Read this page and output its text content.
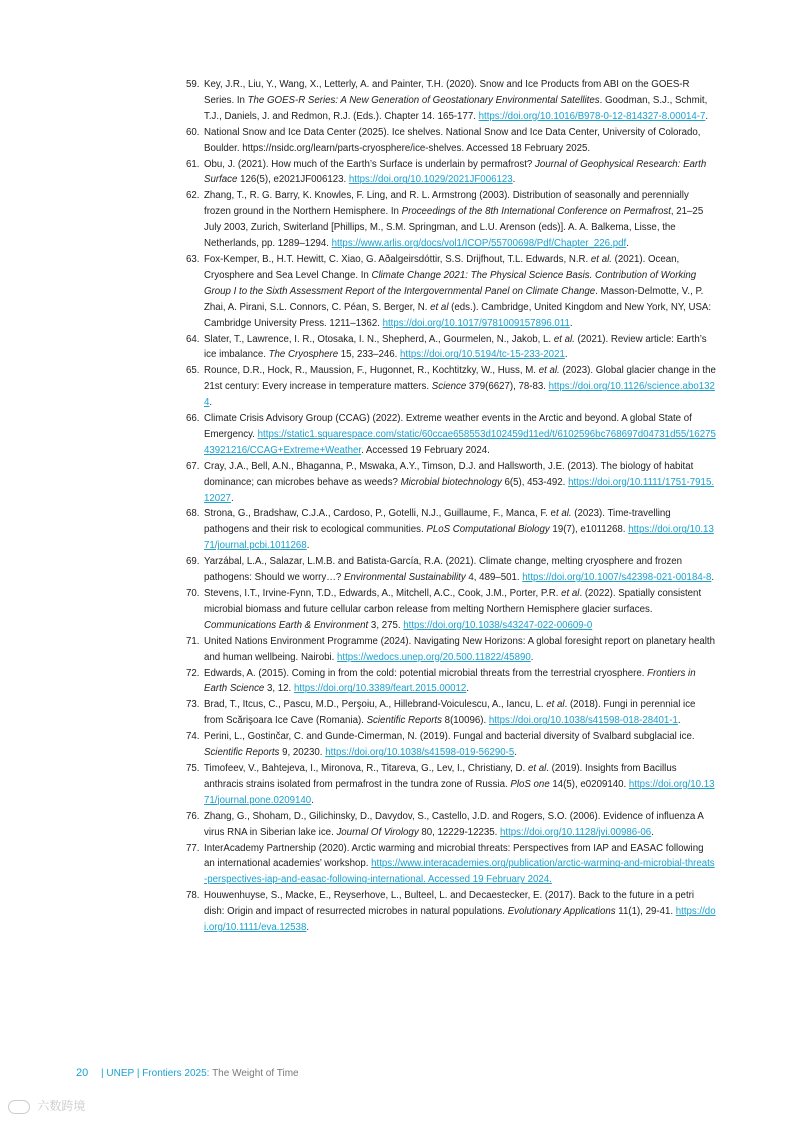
59. Key, J.R., Liu, Y., Wang, X., Letterly, A. and Painter, T.H. (2020). Snow and Ice Products from ABI on the GOES-R Series. In The GOES-R Series: A New Generation of Geostationary Environmental Satellites. Goodman, S.J., Schmit, T.J., Daniels, J. and Redmon, R.J. (Eds.). Chapter 14. 165-177. https://doi.org/10.1016/B978-0-12-814327-8.00014-7.
60. National Snow and Ice Data Center (2025). Ice shelves. National Snow and Ice Data Center, University of Colorado, Boulder. https://nsidc.org/learn/parts-cryosphere/ice-shelves. Accessed 18 February 2025.
61. Obu, J. (2021). How much of the Earth’s Surface is underlain by permafrost? Journal of Geophysical Research: Earth Surface 126(5), e2021JF006123. https://doi.org/10.1029/2021JF006123.
62. Zhang, T., R. G. Barry, K. Knowles, F. Ling, and R. L. Armstrong (2003). Distribution of seasonally and perennially frozen ground in the Northern Hemisphere. In Proceedings of the 8th International Conference on Permafrost, 21–25 July 2003, Zurich, Switerland [Phillips, M., S.M. Springman, and L.U. Arenson (eds)]. A. A. Balkema, Lisse, the Netherlands, pp. 1289–1294. https://www.arlis.org/docs/vol1/ICOP/55700698/Pdf/Chapter_226.pdf.
63. Fox-Kemper, B., H.T. Hewitt, C. Xiao, G. Aðalgeirsdóttir, S.S. Drijfhout, T.L. Edwards, N.R. et al. (2021). Ocean, Cryosphere and Sea Level Change. In Climate Change 2021: The Physical Science Basis. Contribution of Working Group I to the Sixth Assessment Report of the Intergovernmental Panel on Climate Change. Masson-Delmotte, V., P. Zhai, A. Pirani, S.L. Connors, C. Péan, S. Berger, N. et al (eds.). Cambridge, United Kingdom and New York, NY, USA: Cambridge University Press. 1211–1362. https://doi.org/10.1017/9781009157896.011.
64. Slater, T., Lawrence, I. R., Otosaka, I. N., Shepherd, A., Gourmelen, N., Jakob, L. et al. (2021). Review article: Earth’s ice imbalance. The Cryosphere 15, 233–246. https://doi.org/10.5194/tc-15-233-2021.
65. Rounce, D.R., Hock, R., Maussion, F., Hugonnet, R., Kochtitzky, W., Huss, M. et al. (2023). Global glacier change in the 21st century: Every increase in temperature matters. Science 379(6627), 78-83. https://doi.org/10.1126/science.abo1324.
66. Climate Crisis Advisory Group (CCAG) (2022). Extreme weather events in the Arctic and beyond. A global State of Emergency. https://static1.squarespace.com/static/60ccae658553d102459d11ed/t/6102596bc768697d04731d55/1627543921216/CCAG+Extreme+Weather. Accessed 19 February 2024.
67. Cray, J.A., Bell, A.N., Bhaganna, P., Mswaka, A.Y., Timson, D.J. and Hallsworth, J.E. (2013). The biology of habitat dominance; can microbes behave as weeds? Microbial biotechnology 6(5), 453-492. https://doi.org/10.1111/1751-7915.12027.
68. Strona, G., Bradshaw, C.J.A., Cardoso, P., Gotelli, N.J., Guillaume, F., Manca, F. et al. (2023). Time-travelling pathogens and their risk to ecological communities. PLoS Computational Biology 19(7), e1011268. https://doi.org/10.1371/journal.pcbi.1011268.
69. Yarzábal, L.A., Salazar, L.M.B. and Batista-García, R.A. (2021). Climate change, melting cryosphere and frozen pathogens: Should we worry…? Environmental Sustainability 4, 489–501. https://doi.org/10.1007/s42398-021-00184-8.
70. Stevens, I.T., Irvine-Fynn, T.D., Edwards, A., Mitchell, A.C., Cook, J.M., Porter, P.R. et al. (2022). Spatially consistent microbial biomass and future cellular carbon release from melting Northern Hemisphere glacier surfaces. Communications Earth & Environment 3, 275. https://doi.org/10.1038/s43247-022-00609-0
71. United Nations Environment Programme (2024). Navigating New Horizons: A global foresight report on planetary health and human wellbeing. Nairobi. https://wedocs.unep.org/20.500.11822/45890.
72. Edwards, A. (2015). Coming in from the cold: potential microbial threats from the terrestrial cryosphere. Frontiers in Earth Science 3, 12. https://doi.org/10.3389/feart.2015.00012.
73. Brad, T., Itcus, C., Pascu, M.D., Perşoiu, A., Hillebrand-Voiculescu, A., Iancu, L. et al. (2018). Fungi in perennial ice from Scărişoara Ice Cave (Romania). Scientific Reports 8(10096). https://doi.org/10.1038/s41598-018-28401-1.
74. Perini, L., Gostinčar, C. and Gunde-Cimerman, N. (2019). Fungal and bacterial diversity of Svalbard subglacial ice. Scientific Reports 9, 20230. https://doi.org/10.1038/s41598-019-56290-5.
75. Timofeev, V., Bahtejeva, I., Mironova, R., Titareva, G., Lev, I., Christiany, D. et al. (2019). Insights from Bacillus anthracis strains isolated from permafrost in the tundra zone of Russia. PloS one 14(5), e0209140. https://doi.org/10.1371/journal.pone.0209140.
76. Zhang, G., Shoham, D., Gilichinsky, D., Davydov, S., Castello, J.D. and Rogers, S.O. (2006). Evidence of influenza A virus RNA in Siberian lake ice. Journal Of Virology 80, 12229-12235. https://doi.org/10.1128/jvi.00986-06.
77. InterAcademy Partnership (2020). Arctic warming and microbial threats: Perspectives from IAP and EASAC following an international academies’ workshop. https://www.interacademies.org/publication/arctic-warming-and-microbial-threats-perspectives-iap-and-easac-following-international. Accessed 19 February 2024.
78. Houwenhuyse, S., Macke, E., Reyserhove, L., Bulteel, L. and Decaestecker, E. (2017). Back to the future in a petri dish: Origin and impact of resurrected microbes in natural populations. Evolutionary Applications 11(1), 29-41. https://doi.org/10.1111/eva.12538.
20 | UNEP | Frontiers 2025: The Weight of Time
六数跨境
